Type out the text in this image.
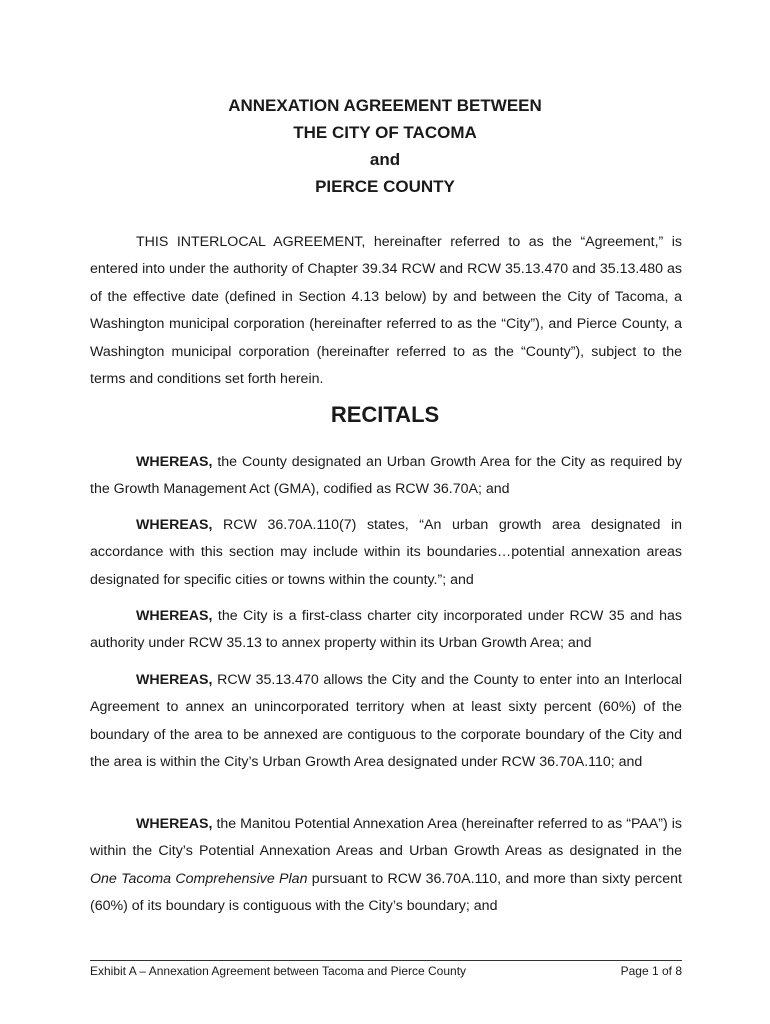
ANNEXATION AGREEMENT BETWEEN
THE CITY OF TACOMA
and
PIERCE COUNTY

THIS INTERLOCAL AGREEMENT, hereinafter referred to as the “Agreement,” is entered into under the authority of Chapter 39.34 RCW and RCW 35.13.470 and 35.13.480 as of the effective date (defined in Section 4.13 below) by and between the City of Tacoma, a Washington municipal corporation (hereinafter referred to as the “City”), and Pierce County, a Washington municipal corporation (hereinafter referred to as the “County”), subject to the terms and conditions set forth herein.

RECITALS

WHEREAS, the County designated an Urban Growth Area for the City as required by the Growth Management Act (GMA), codified as RCW 36.70A; and

WHEREAS, RCW 36.70A.110(7) states, “An urban growth area designated in accordance with this section may include within its boundaries…potential annexation areas designated for specific cities or towns within the county.”; and

WHEREAS, the City is a first-class charter city incorporated under RCW 35 and has authority under RCW 35.13 to annex property within its Urban Growth Area; and

WHEREAS, RCW 35.13.470 allows the City and the County to enter into an Interlocal Agreement to annex an unincorporated territory when at least sixty percent (60%) of the boundary of the area to be annexed are contiguous to the corporate boundary of the City and the area is within the City’s Urban Growth Area designated under RCW 36.70A.110; and

WHEREAS, the Manitou Potential Annexation Area (hereinafter referred to as “PAA”) is within the City’s Potential Annexation Areas and Urban Growth Areas as designated in the One Tacoma Comprehensive Plan pursuant to RCW 36.70A.110, and more than sixty percent (60%) of its boundary is contiguous with the City’s boundary; and

Exhibit A – Annexation Agreement between Tacoma and Pierce County	Page 1 of 8
